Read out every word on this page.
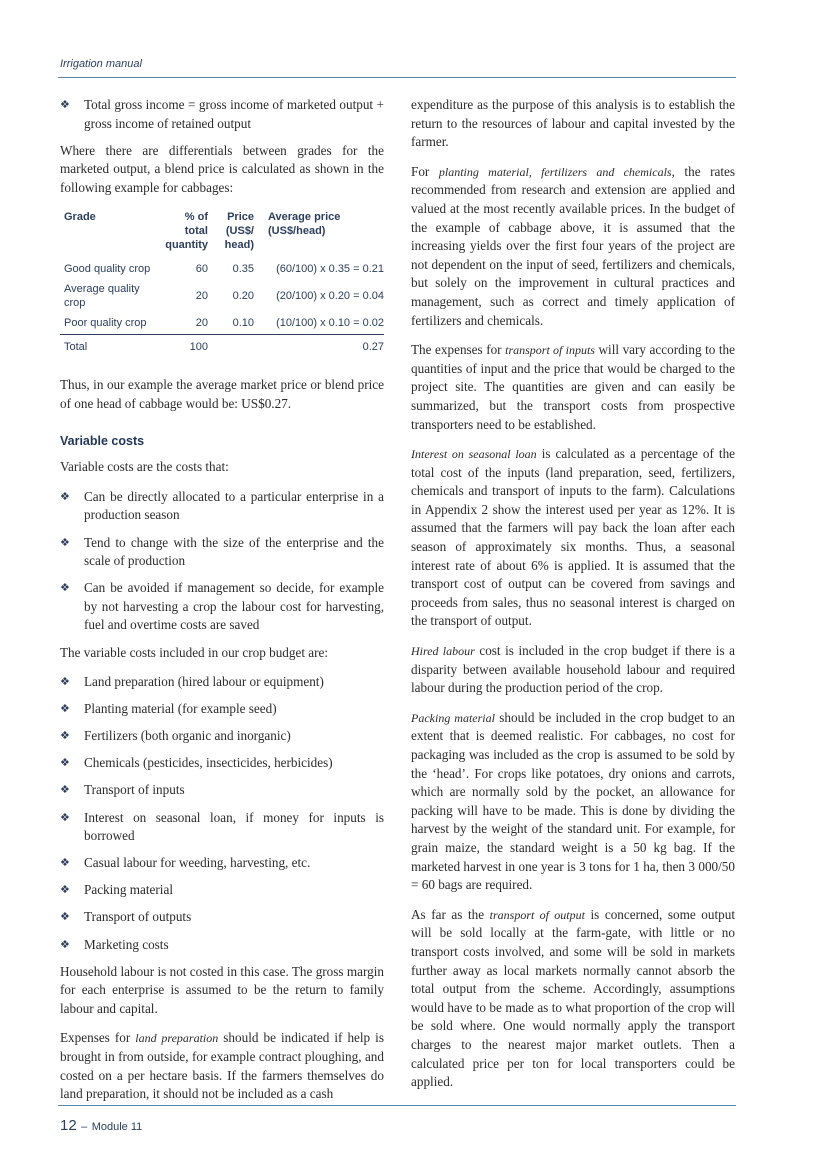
Irrigation manual
❖ Total gross income = gross income of marketed output + gross income of retained output

Where there are differentials between grades for the marketed output, a blend price is calculated as shown in the following example for cabbages:

Grade	% of
total
quantity	Price
(US$/
head)	Average price
(US$/head)
Good quality crop	60	0.35	(60/100) x 0.35 = 0.21
Average quality crop	20	0.20	(20/100) x 0.20 = 0.04
Poor quality crop	20	0.10	(10/100) x 0.10 = 0.02
Total	100		0.27

Thus, in our example the average market price or blend price of one head of cabbage would be: US$0.27.

Variable costs

Variable costs are the costs that:

❖ Can be directly allocated to a particular enterprise in a production season
❖ Tend to change with the size of the enterprise and the scale of production
❖ Can be avoided if management so decide, for example by not harvesting a crop the labour cost for harvesting, fuel and overtime costs are saved

The variable costs included in our crop budget are:

❖ Land preparation (hired labour or equipment)
❖ Planting material (for example seed)
❖ Fertilizers (both organic and inorganic)
❖ Chemicals (pesticides, insecticides, herbicides)
❖ Transport of inputs
❖ Interest on seasonal loan, if money for inputs is borrowed
❖ Casual labour for weeding, harvesting, etc.
❖ Packing material
❖ Transport of outputs
❖ Marketing costs

Household labour is not costed in this case. The gross margin for each enterprise is assumed to be the return to family labour and capital.

Expenses for land preparation should be indicated if help is brought in from outside, for example contract ploughing, and costed on a per hectare basis. If the farmers themselves do land preparation, it should not be included as a cash

expenditure as the purpose of this analysis is to establish the return to the resources of labour and capital invested by the farmer.

For planting material, fertilizers and chemicals, the rates recommended from research and extension are applied and valued at the most recently available prices. In the budget of the example of cabbage above, it is assumed that the increasing yields over the first four years of the project are not dependent on the input of seed, fertilizers and chemicals, but solely on the improvement in cultural practices and management, such as correct and timely application of fertilizers and chemicals.

The expenses for transport of inputs will vary according to the quantities of input and the price that would be charged to the project site. The quantities are given and can easily be summarized, but the transport costs from prospective transporters need to be established.

Interest on seasonal loan is calculated as a percentage of the total cost of the inputs (land preparation, seed, fertilizers, chemicals and transport of inputs to the farm). Calculations in Appendix 2 show the interest used per year as 12%. It is assumed that the farmers will pay back the loan after each season of approximately six months. Thus, a seasonal interest rate of about 6% is applied. It is assumed that the transport cost of output can be covered from savings and proceeds from sales, thus no seasonal interest is charged on the transport of output.

Hired labour cost is included in the crop budget if there is a disparity between available household labour and required labour during the production period of the crop.

Packing material should be included in the crop budget to an extent that is deemed realistic. For cabbages, no cost for packaging was included as the crop is assumed to be sold by the ‘head’. For crops like potatoes, dry onions and carrots, which are normally sold by the pocket, an allowance for packing will have to be made. This is done by dividing the harvest by the weight of the standard unit. For example, for grain maize, the standard weight is a 50 kg bag. If the marketed harvest in one year is 3 tons for 1 ha, then 3 000/50 = 60 bags are required.

As far as the transport of output is concerned, some output will be sold locally at the farm-gate, with little or no transport costs involved, and some will be sold in markets further away as local markets normally cannot absorb the total output from the scheme. Accordingly, assumptions would have to be made as to what proportion of the crop will be sold where. One would normally apply the transport charges to the nearest major market outlets. Then a calculated price per ton for local transporters could be applied.

12 – Module 11
